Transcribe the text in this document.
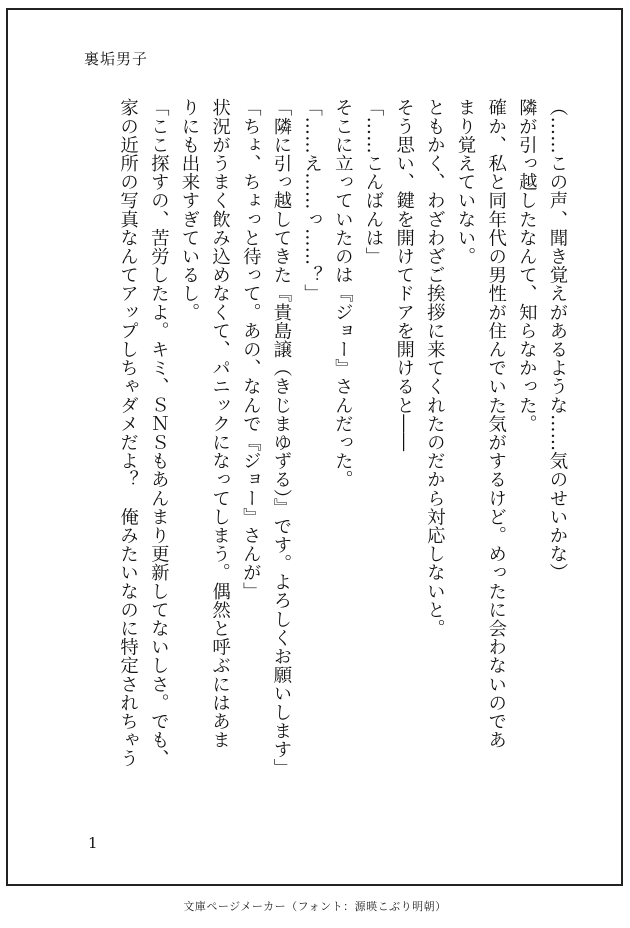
裏垢男子
（……この声、聞き覚えがあるような……気のせいかな）
隣が引っ越したなんて、知らなかった。
確か、私と同年代の男性が住んでいた気がするけど。めったに会わないのであ
まり覚えていない。
ともかく、わざわざご挨拶に来てくれたのだから対応しないと。
そう思い、鍵を開けてドアを開けると――
「……こんばんは」
そこに立っていたのは『ジョー』さんだった。
「……え……っ……？」
「隣に引っ越してきた『貴島譲（きじまゆずる）』です。よろしくお願いします」
「ちょ、ちょっと待って。あの、なんで『ジョー』さんが」
状況がうまく飲み込めなくて、パニックになってしまう。偶然と呼ぶにはあま
りにも出来すぎているし。
「ここ探すの、苦労したよ。キミ、ＳＮＳもあんまり更新してないしさ。でも、
家の近所の写真なんてアップしちゃダメだよ？　俺みたいなのに特定されちゃう
1
文庫ページメーカー（フォント：源暎こぶり明朝）
